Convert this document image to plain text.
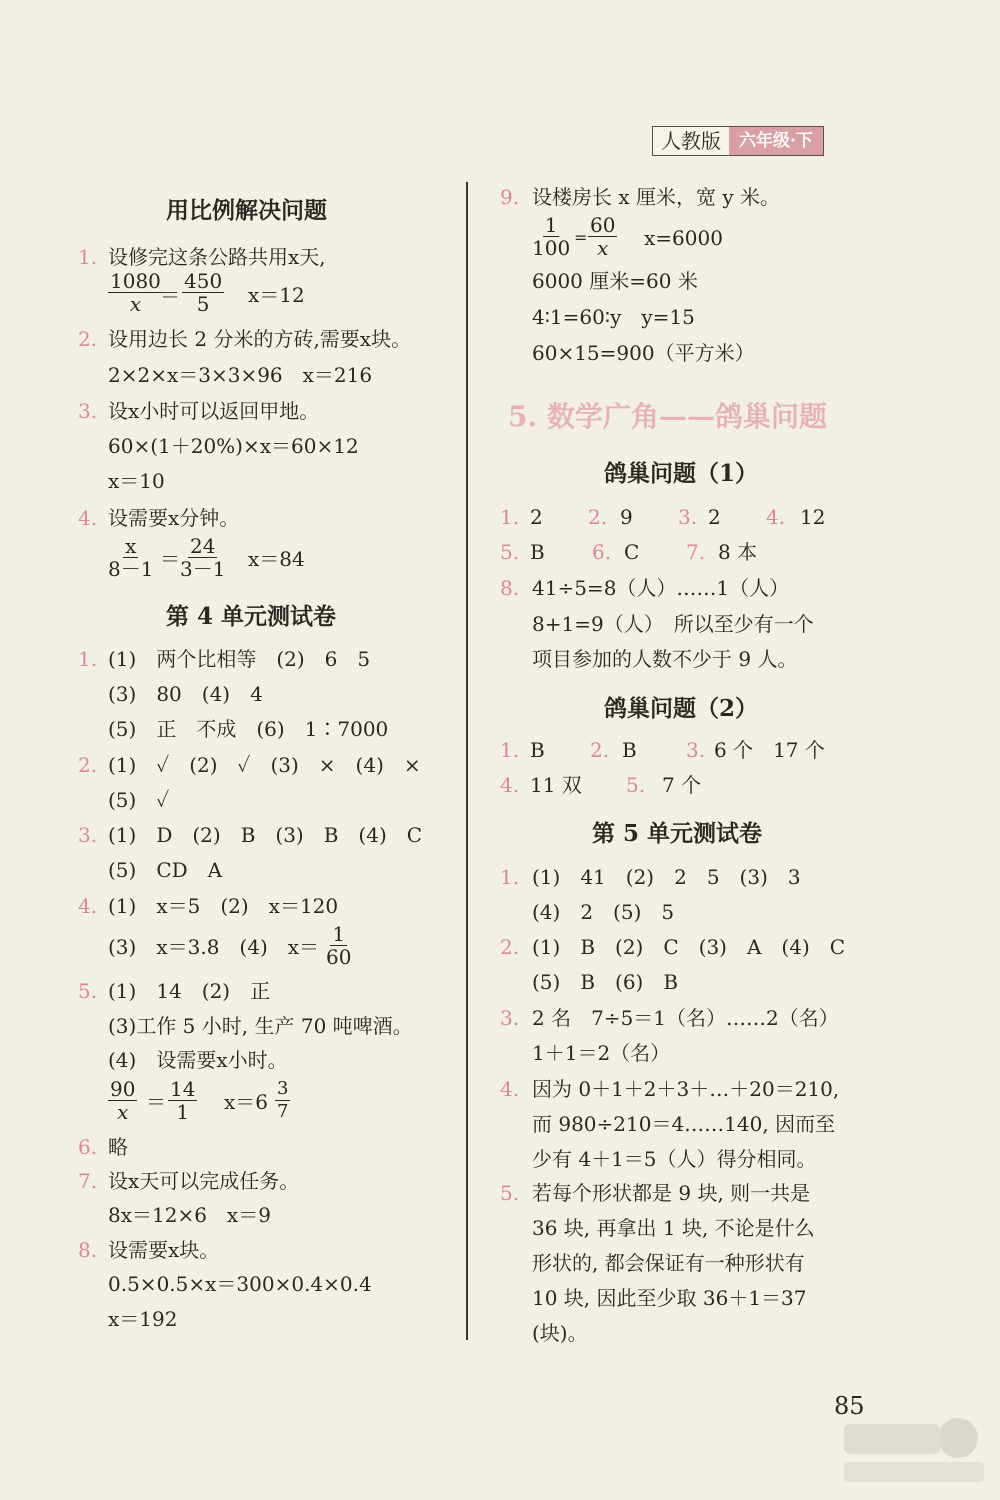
人教版	六年级·下
用比例解决问题
1. 设修完这条公路共用x天,
$\frac{1080}{x}$
＝ $\frac{450}{5} x=12$
2. 设用边长 2 分米的方砖,需要x块。
2×2×x＝3×3×96　x＝216
3. 设x小时可以返回甲地。
60×(1＋20%)×x＝60×12
x＝10
4. 设需要x分钟。
$\frac{x}{8-1} = \frac{24}{3-1} x=84$
第 4 单元测试卷
1. (1)　两个比相等　(2)　6　5
(3)　80　(4)　4
(5)　正　不成　(6)　1∶7000
2. (1)　✓　(2)　✓　(3)　×　(4)　×
(5)　✓
3. (1)　D　(2)　B　(3)　B　(4)　C
(5)　CD　A
4. (1)　x＝5　(2)　x＝120
(3)　x＝3.8　(4)　$x= \frac{1}{60}$
5. (1)　14　(2)　正
(3)工作 5 小时, 生产 70 吨啤酒。
(4)　设需要x小时。
$\frac{90}{x} = \frac{14}{1} x=6 \frac{3}{7}$
6. 略
7. 设x天可以完成任务。
8x＝12×6　x＝9
8. 设需要x块。
0.5×0.5×x＝300×0.4×0.4
x＝192
9. 设楼房长 x 厘米，宽 y 米。
$\frac{1}{100} = \frac{60}{x} x=6000$
6000 厘米=60 米
4∶1=60∶y　y=15
60×15=900（平方米）
5. 数学广角——鸽巢问题
鸽巢问题（1）
1. 2 2. 9 3. 2 4. 12
5. B 6. C 7. 8 本
8. 41÷5=8（人）……1（人）
8+1=9（人）　所以至少有一个
项目参加的人数不少于 9 人。
鸽巢问题（2）
1. B 2. B 3. 6 个　17 个
4. 11 双 5. 7 个
第 5 单元测试卷
1. (1)　41　(2)　2　5　(3)　3
(4)　2　(5)　5
2. (1)　B　(2)　C　(3)　A　(4)　C
(5)　B　(6)　B
3. 2 名　7÷5＝1（名）……2（名）
1＋1＝2（名）
4. 因为 0＋1＋2＋3＋…＋20＝210,
而 980÷210＝4……140, 因而至
少有 4＋1＝5（人）得分相同。
5. 若每个形状都是 9 块, 则一共是
36 块, 再拿出 1 块, 不论是什么
形状的, 都会保证有一种形状有
10 块, 因此至少取 36＋1＝37
(块)。
85
